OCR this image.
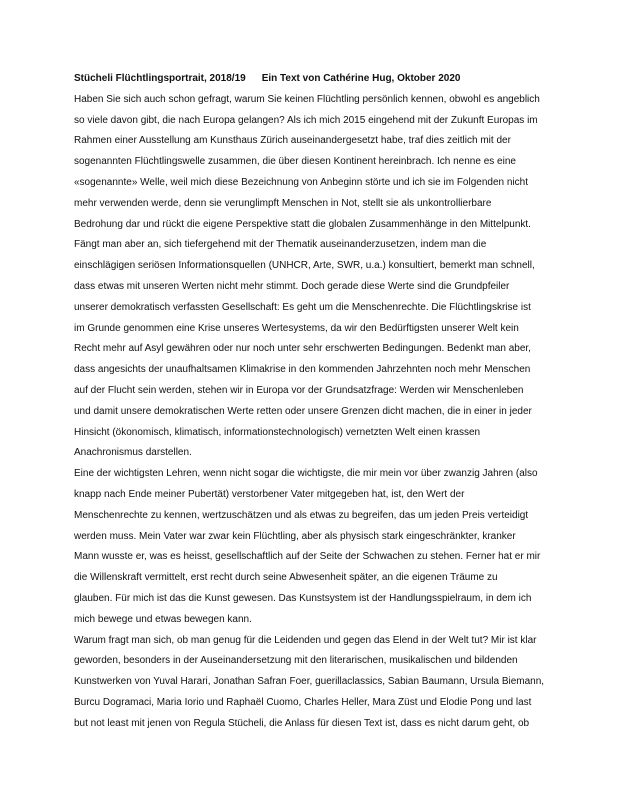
Stücheli Flüchtlingsportrait, 2018/19 Ein Text von Cathérine Hug, Oktober 2020

Haben Sie sich auch schon gefragt, warum Sie keinen Flüchtling persönlich kennen, obwohl es angeblich
so viele davon gibt, die nach Europa gelangen? Als ich mich 2015 eingehend mit der Zukunft Europas im
Rahmen einer Ausstellung am Kunsthaus Zürich auseinandergesetzt habe, traf dies zeitlich mit der
sogenannten Flüchtlingswelle zusammen, die über diesen Kontinent hereinbrach. Ich nenne es eine
«sogenannte» Welle, weil mich diese Bezeichnung von Anbeginn störte und ich sie im Folgenden nicht
mehr verwenden werde, denn sie verunglimpft Menschen in Not, stellt sie als unkontrollierbare
Bedrohung dar und rückt die eigene Perspektive statt die globalen Zusammenhänge in den Mittelpunkt.
Fängt man aber an, sich tiefergehend mit der Thematik auseinanderzusetzen, indem man die
einschlägigen seriösen Informationsquellen (UNHCR, Arte, SWR, u.a.) konsultiert, bemerkt man schnell,
dass etwas mit unseren Werten nicht mehr stimmt. Doch gerade diese Werte sind die Grundpfeiler
unserer demokratisch verfassten Gesellschaft: Es geht um die Menschenrechte. Die Flüchtlingskrise ist
im Grunde genommen eine Krise unseres Wertesystems, da wir den Bedürftigsten unserer Welt kein
Recht mehr auf Asyl gewähren oder nur noch unter sehr erschwerten Bedingungen. Bedenkt man aber,
dass angesichts der unaufhaltsamen Klimakrise in den kommenden Jahrzehnten noch mehr Menschen
auf der Flucht sein werden, stehen wir in Europa vor der Grundsatzfrage: Werden wir Menschenleben
und damit unsere demokratischen Werte retten oder unsere Grenzen dicht machen, die in einer in jeder
Hinsicht (ökonomisch, klimatisch, informationstechnologisch) vernetzten Welt einen krassen
Anachronismus darstellen.

Eine der wichtigsten Lehren, wenn nicht sogar die wichtigste, die mir mein vor über zwanzig Jahren (also
knapp nach Ende meiner Pubertät) verstorbener Vater mitgegeben hat, ist, den Wert der
Menschenrechte zu kennen, wertzuschätzen und als etwas zu begreifen, das um jeden Preis verteidigt
werden muss. Mein Vater war zwar kein Flüchtling, aber als physisch stark eingeschränkter, kranker
Mann wusste er, was es heisst, gesellschaftlich auf der Seite der Schwachen zu stehen. Ferner hat er mir
die Willenskraft vermittelt, erst recht durch seine Abwesenheit später, an die eigenen Träume zu
glauben. Für mich ist das die Kunst gewesen. Das Kunstsystem ist der Handlungsspielraum, in dem ich
mich bewege und etwas bewegen kann.

Warum fragt man sich, ob man genug für die Leidenden und gegen das Elend in der Welt tut? Mir ist klar
geworden, besonders in der Auseinandersetzung mit den literarischen, musikalischen und bildenden
Kunstwerken von Yuval Harari, Jonathan Safran Foer, guerillaclassics, Sabian Baumann, Ursula Biemann,
Burcu Dogramaci, Maria Iorio und Raphaël Cuomo, Charles Heller, Mara Züst und Elodie Pong und last
but not least mit jenen von Regula Stücheli, die Anlass für diesen Text ist, dass es nicht darum geht, ob
